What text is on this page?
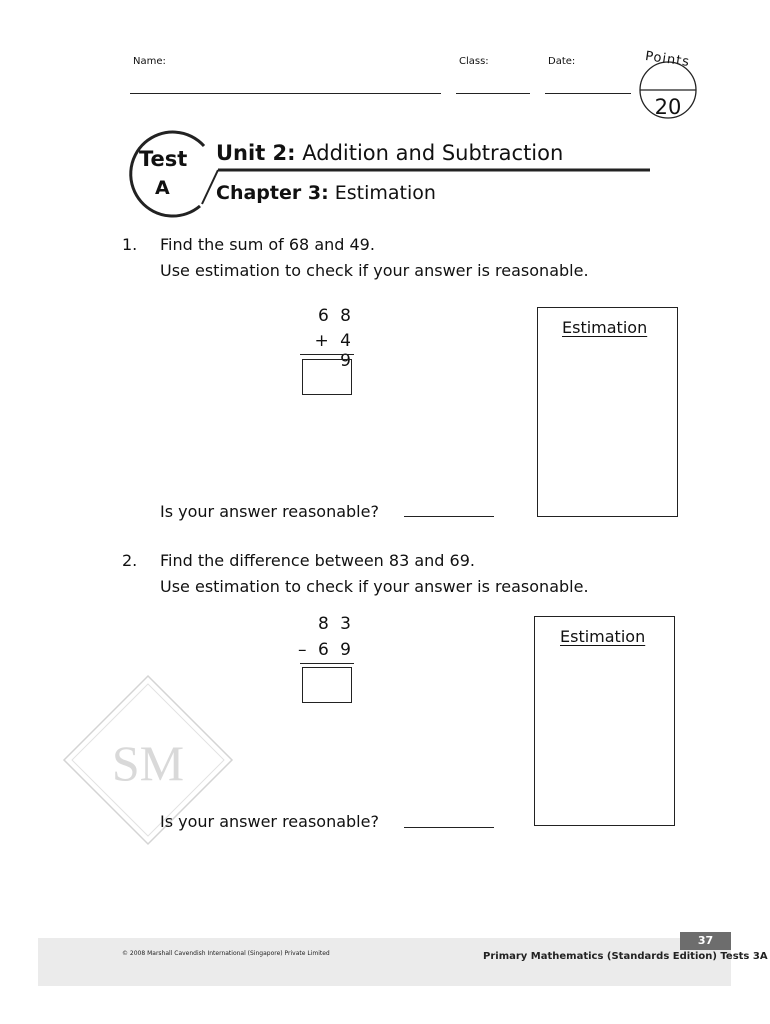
Name:	Class:	Date:	Points
20
Test
A
Unit 2: Addition and Subtraction
Chapter 3: Estimation
1. Find the sum of 68 and 49.
Use estimation to check if your answer is reasonable.
6 8
+ 4 9
Estimation
Is your answer reasonable?
2. Find the difference between 83 and 69.
Use estimation to check if your answer is reasonable.
8 3
– 6 9
Estimation
SM
Is your answer reasonable?
© 2008 Marshall Cavendish International (Singapore) Private Limited	Primary Mathematics (Standards Edition) Tests 3A
37
